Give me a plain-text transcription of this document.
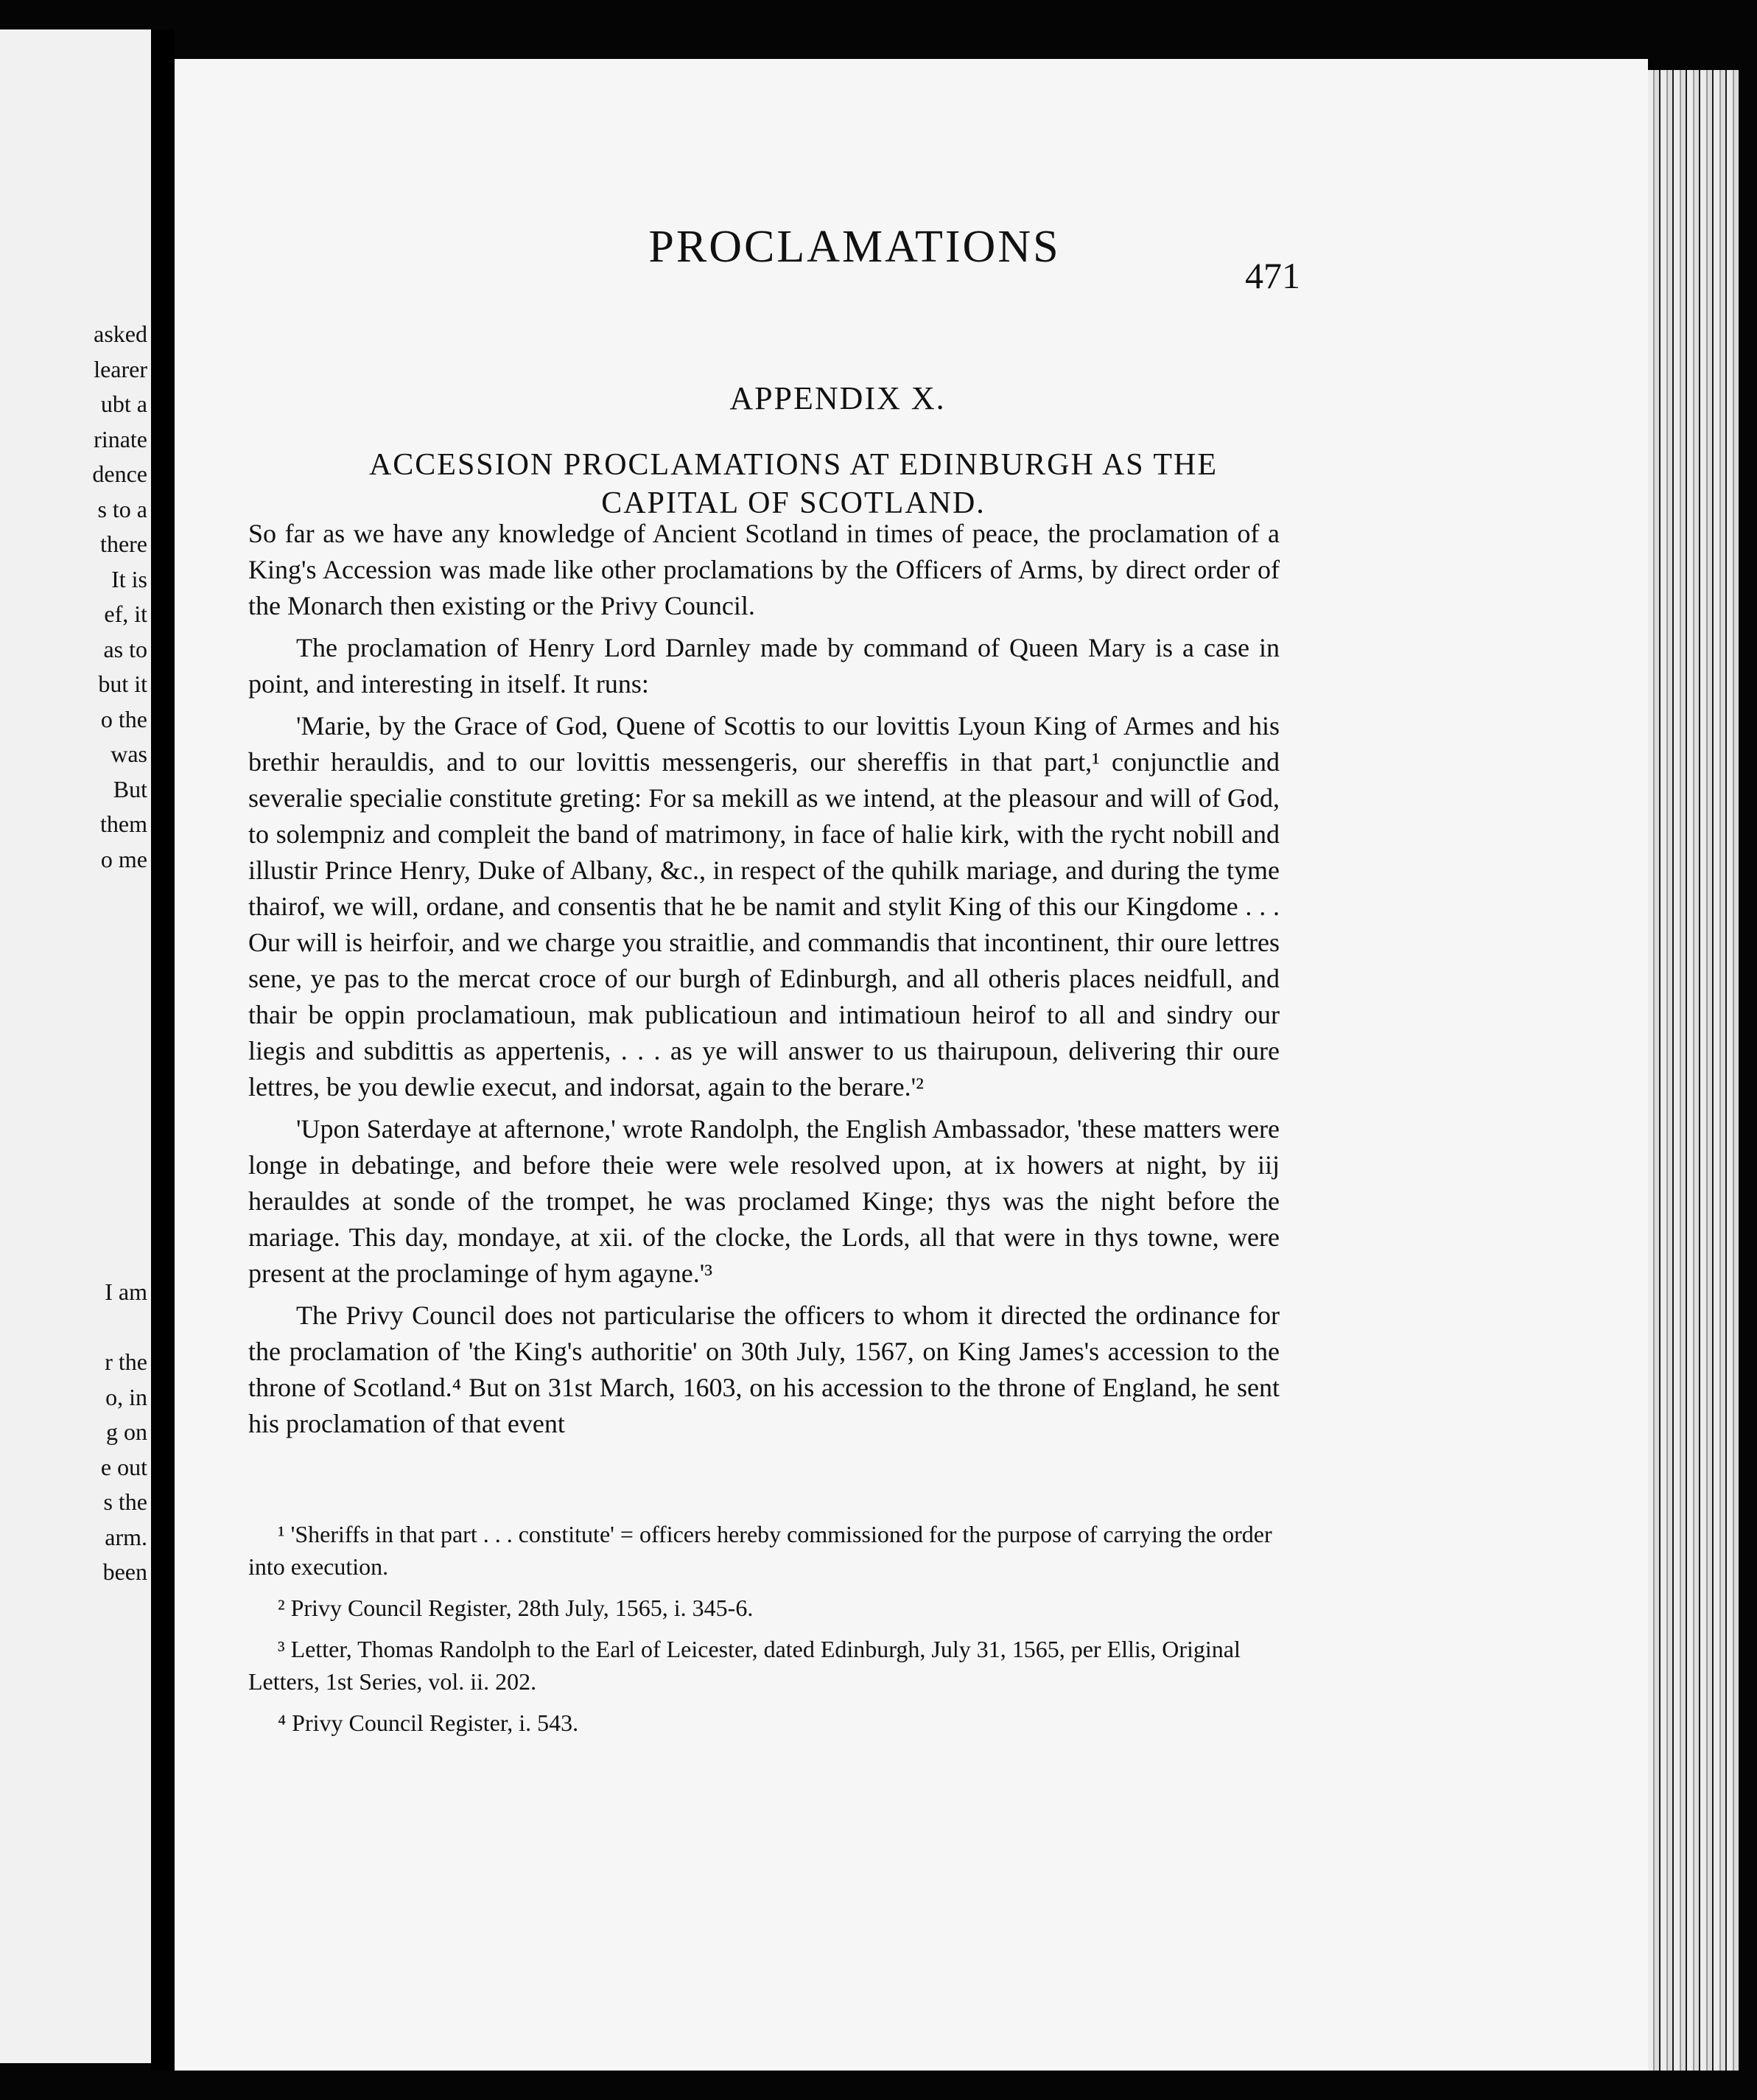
asked
learer
ubt a
rinate
dence
s to a
there
It is
ef, it
as to
but it
o the
was
But
them
o me
I am
r the
o, in
g on
e out
s the
arm.
been
PROCLAMATIONS
471
APPENDIX X.
ACCESSION PROCLAMATIONS AT EDINBURGH AS THE CAPITAL OF SCOTLAND.

So far as we have any knowledge of Ancient Scotland in times of peace, the proclamation of a King's Accession was made like other proclamations by the Officers of Arms, by direct order of the Monarch then existing or the Privy Council.

The proclamation of Henry Lord Darnley made by command of Queen Mary is a case in point, and interesting in itself. It runs:

'Marie, by the Grace of God, Quene of Scottis to our lovittis Lyoun King of Armes and his brethir herauldis, and to our lovittis messengeris, our shereffis in that part,¹ conjunctlie and severalie specialie constitute greting: For sa mekill as we intend, at the pleasour and will of God, to solempniz and compleit the band of matrimony, in face of halie kirk, with the rycht nobill and illustir Prince Henry, Duke of Albany, &c., in respect of the quhilk mariage, and during the tyme thairof, we will, ordane, and consentis that he be namit and stylit King of this our Kingdome . . . Our will is heirfoir, and we charge you straitlie, and commandis that incontinent, thir oure lettres sene, ye pas to the mercat croce of our burgh of Edinburgh, and all otheris places neidfull, and thair be oppin proclamatioun, mak publicatioun and intimatioun heirof to all and sindry our liegis and subdittis as appertenis, . . . as ye will answer to us thairupoun, delivering thir oure lettres, be you dewlie execut, and indorsat, again to the berare.'²

'Upon Saterdaye at afternone,' wrote Randolph, the English Ambassador, 'these matters were longe in debatinge, and before theie were wele resolved upon, at ix howers at night, by iij herauldes at sonde of the trompet, he was proclamed Kinge; thys was the night before the mariage. This day, mondaye, at xii. of the clocke, the Lords, all that were in thys towne, were present at the proclaminge of hym agayne.'³

The Privy Council does not particularise the officers to whom it directed the ordinance for the proclamation of 'the King's authoritie' on 30th July, 1567, on King James's accession to the throne of Scotland.⁴ But on 31st March, 1603, on his accession to the throne of England, he sent his proclamation of that event

¹ 'Sheriffs in that part . . . constitute' = officers hereby commissioned for the purpose of carrying the order into execution.

² Privy Council Register, 28th July, 1565, i. 345-6.

³ Letter, Thomas Randolph to the Earl of Leicester, dated Edinburgh, July 31, 1565, per Ellis, Original Letters, 1st Series, vol. ii. 202.

⁴ Privy Council Register, i. 543.
